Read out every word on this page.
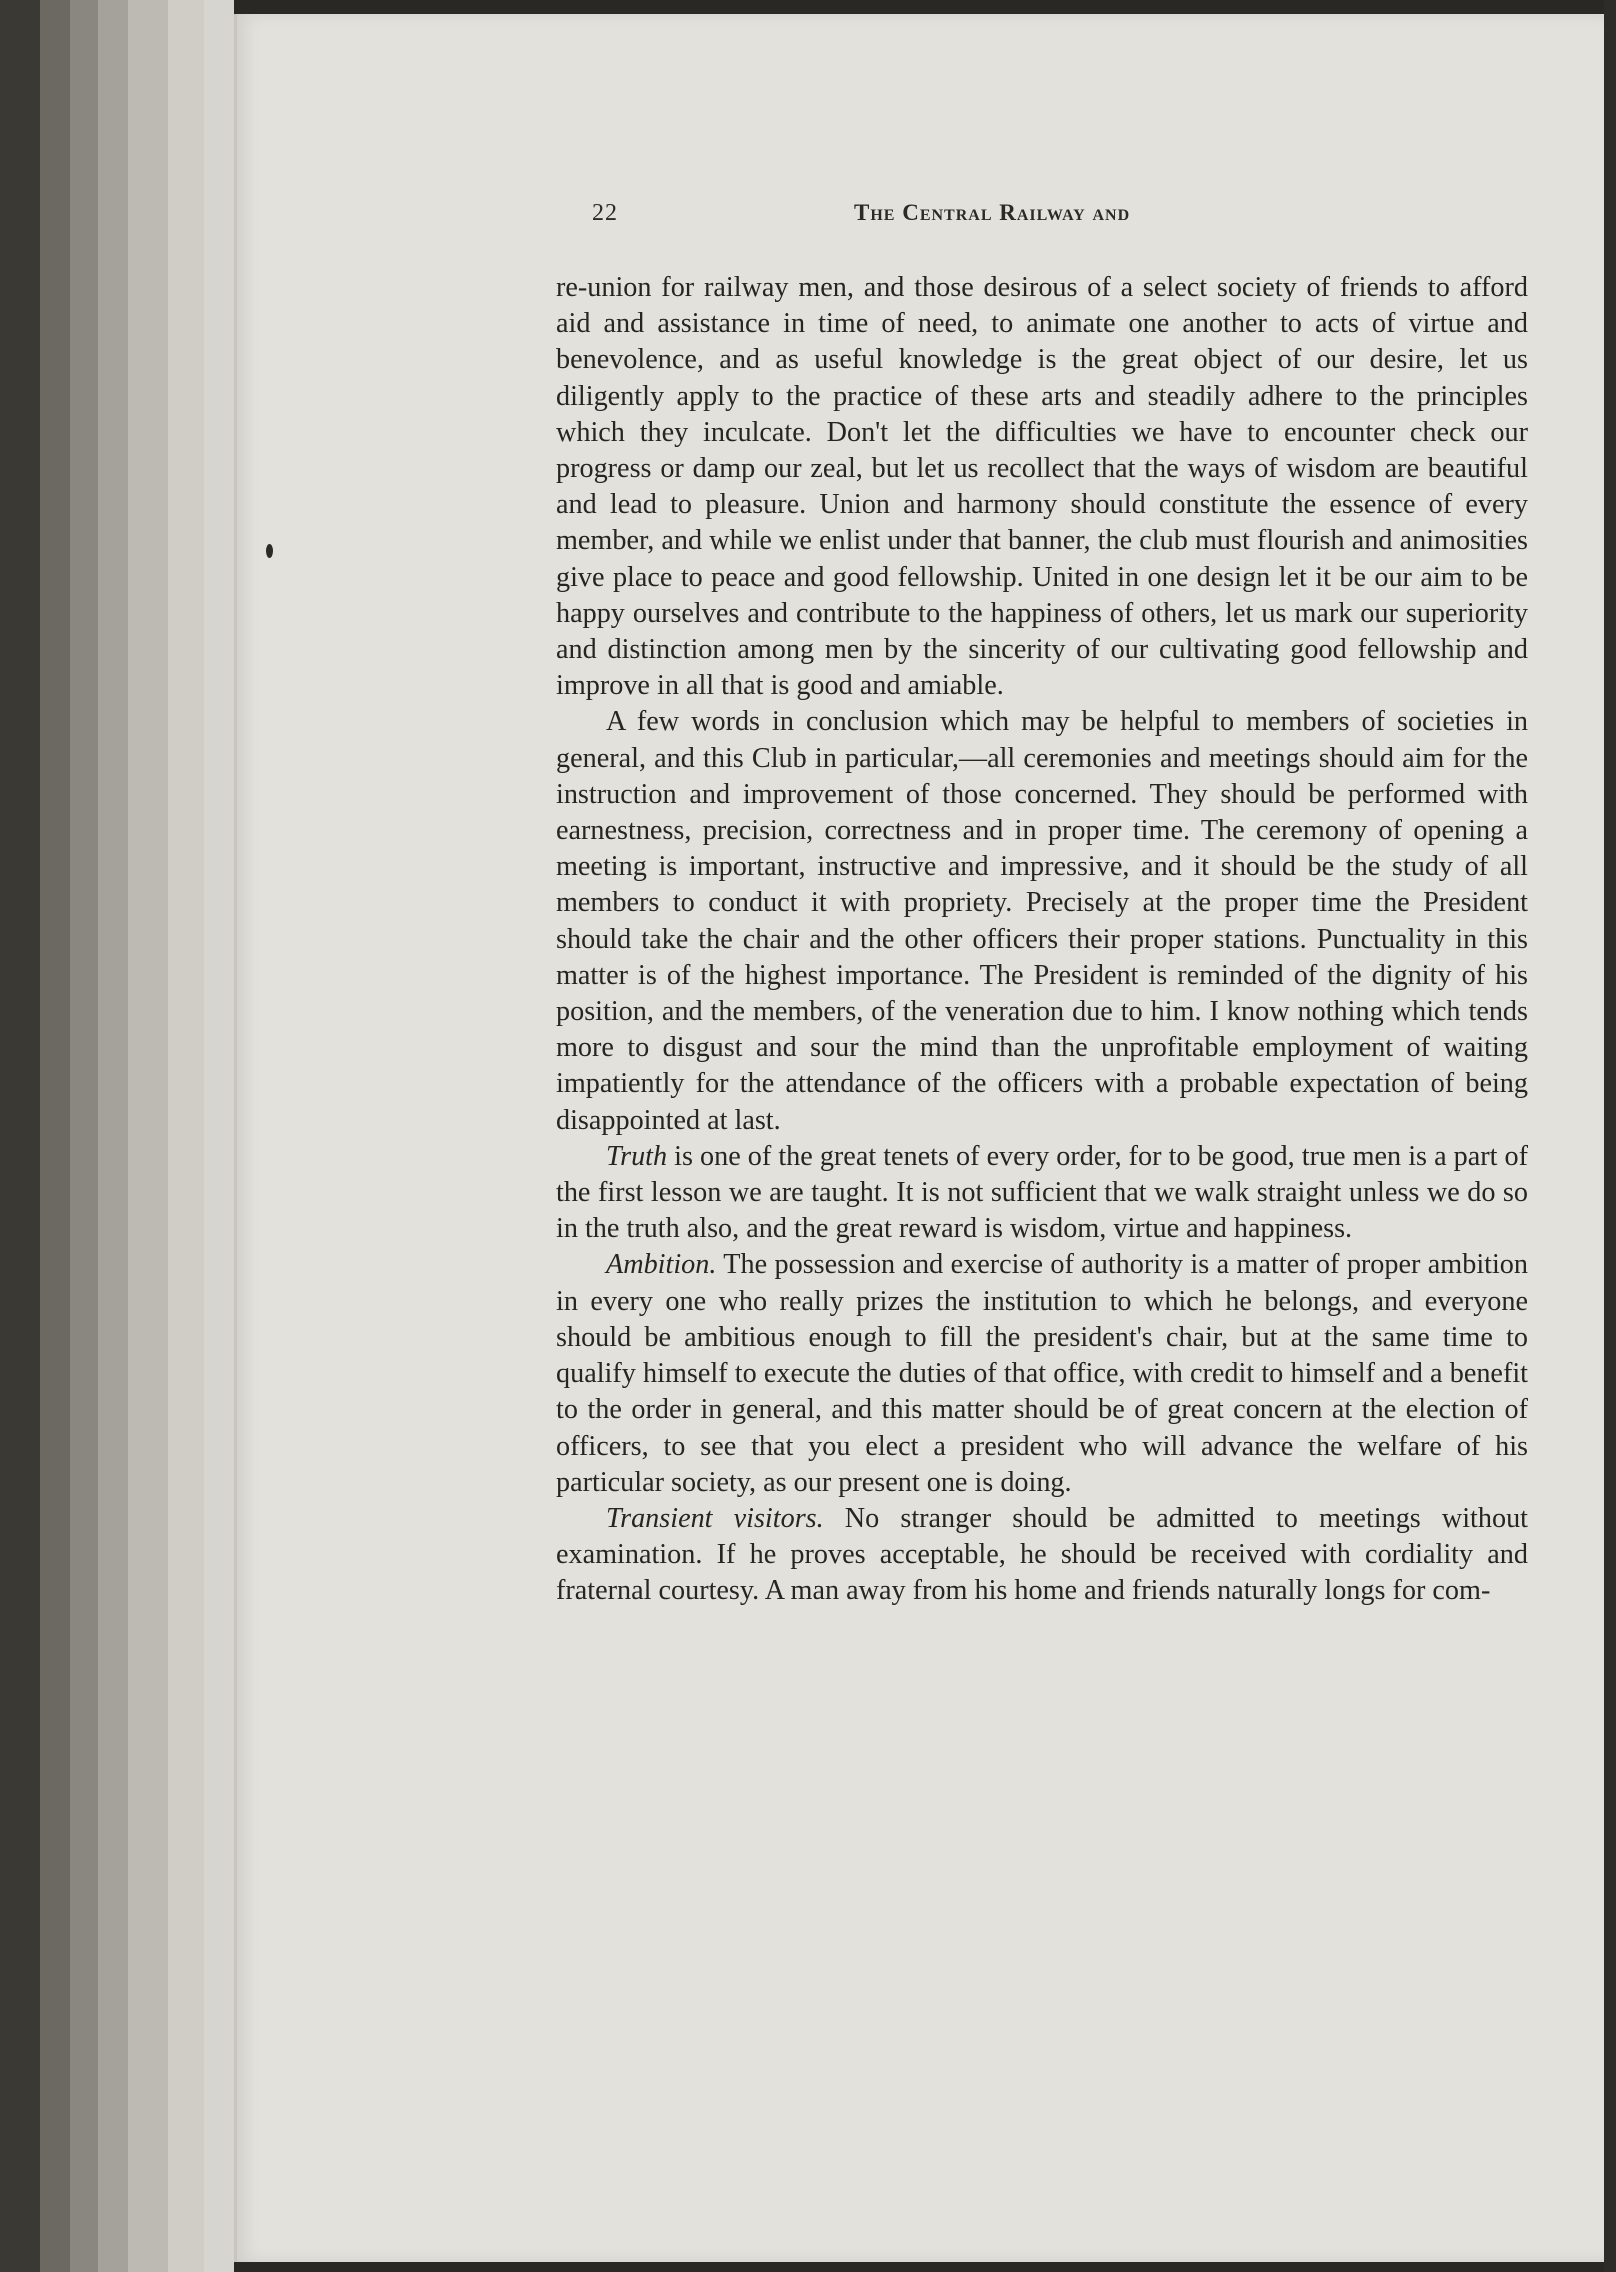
22	The Central Railway and

re-union for railway men, and those desirous of a select society of friends to afford aid and assistance in time of need, to animate one another to acts of virtue and benevolence, and as useful knowledge is the great object of our desire, let us diligently apply to the practice of these arts and steadily adhere to the principles which they inculcate. Don't let the difficulties we have to encounter check our progress or damp our zeal, but let us recollect that the ways of wisdom are beautiful and lead to pleasure. Union and harmony should constitute the essence of every member, and while we enlist under that banner, the club must flourish and animosities give place to peace and good fellowship. United in one design let it be our aim to be happy ourselves and contribute to the happiness of others, let us mark our superiority and distinction among men by the sincerity of our cultivating good fellowship and improve in all that is good and amiable.

A few words in conclusion which may be helpful to members of societies in general, and this Club in particular,—all ceremonies and meetings should aim for the instruction and improvement of those concerned. They should be performed with earnestness, precision, correctness and in proper time. The ceremony of opening a meeting is important, instructive and impressive, and it should be the study of all members to conduct it with propriety. Precisely at the proper time the President should take the chair and the other officers their proper stations. Punctuality in this matter is of the highest importance. The President is reminded of the dignity of his position, and the members, of the veneration due to him. I know nothing which tends more to disgust and sour the mind than the unprofitable employment of waiting impatiently for the attendance of the officers with a probable expectation of being disappointed at last.

Truth is one of the great tenets of every order, for to be good, true men is a part of the first lesson we are taught. It is not sufficient that we walk straight unless we do so in the truth also, and the great reward is wisdom, virtue and happiness.

Ambition. The possession and exercise of authority is a matter of proper ambition in every one who really prizes the institution to which he belongs, and everyone should be ambitious enough to fill the president's chair, but at the same time to qualify himself to execute the duties of that office, with credit to himself and a benefit to the order in general, and this matter should be of great concern at the election of officers, to see that you elect a president who will advance the welfare of his particular society, as our present one is doing.

Transient visitors. No stranger should be admitted to meetings without examination. If he proves acceptable, he should be received with cordiality and fraternal courtesy. A man away from his home and friends naturally longs for com-
